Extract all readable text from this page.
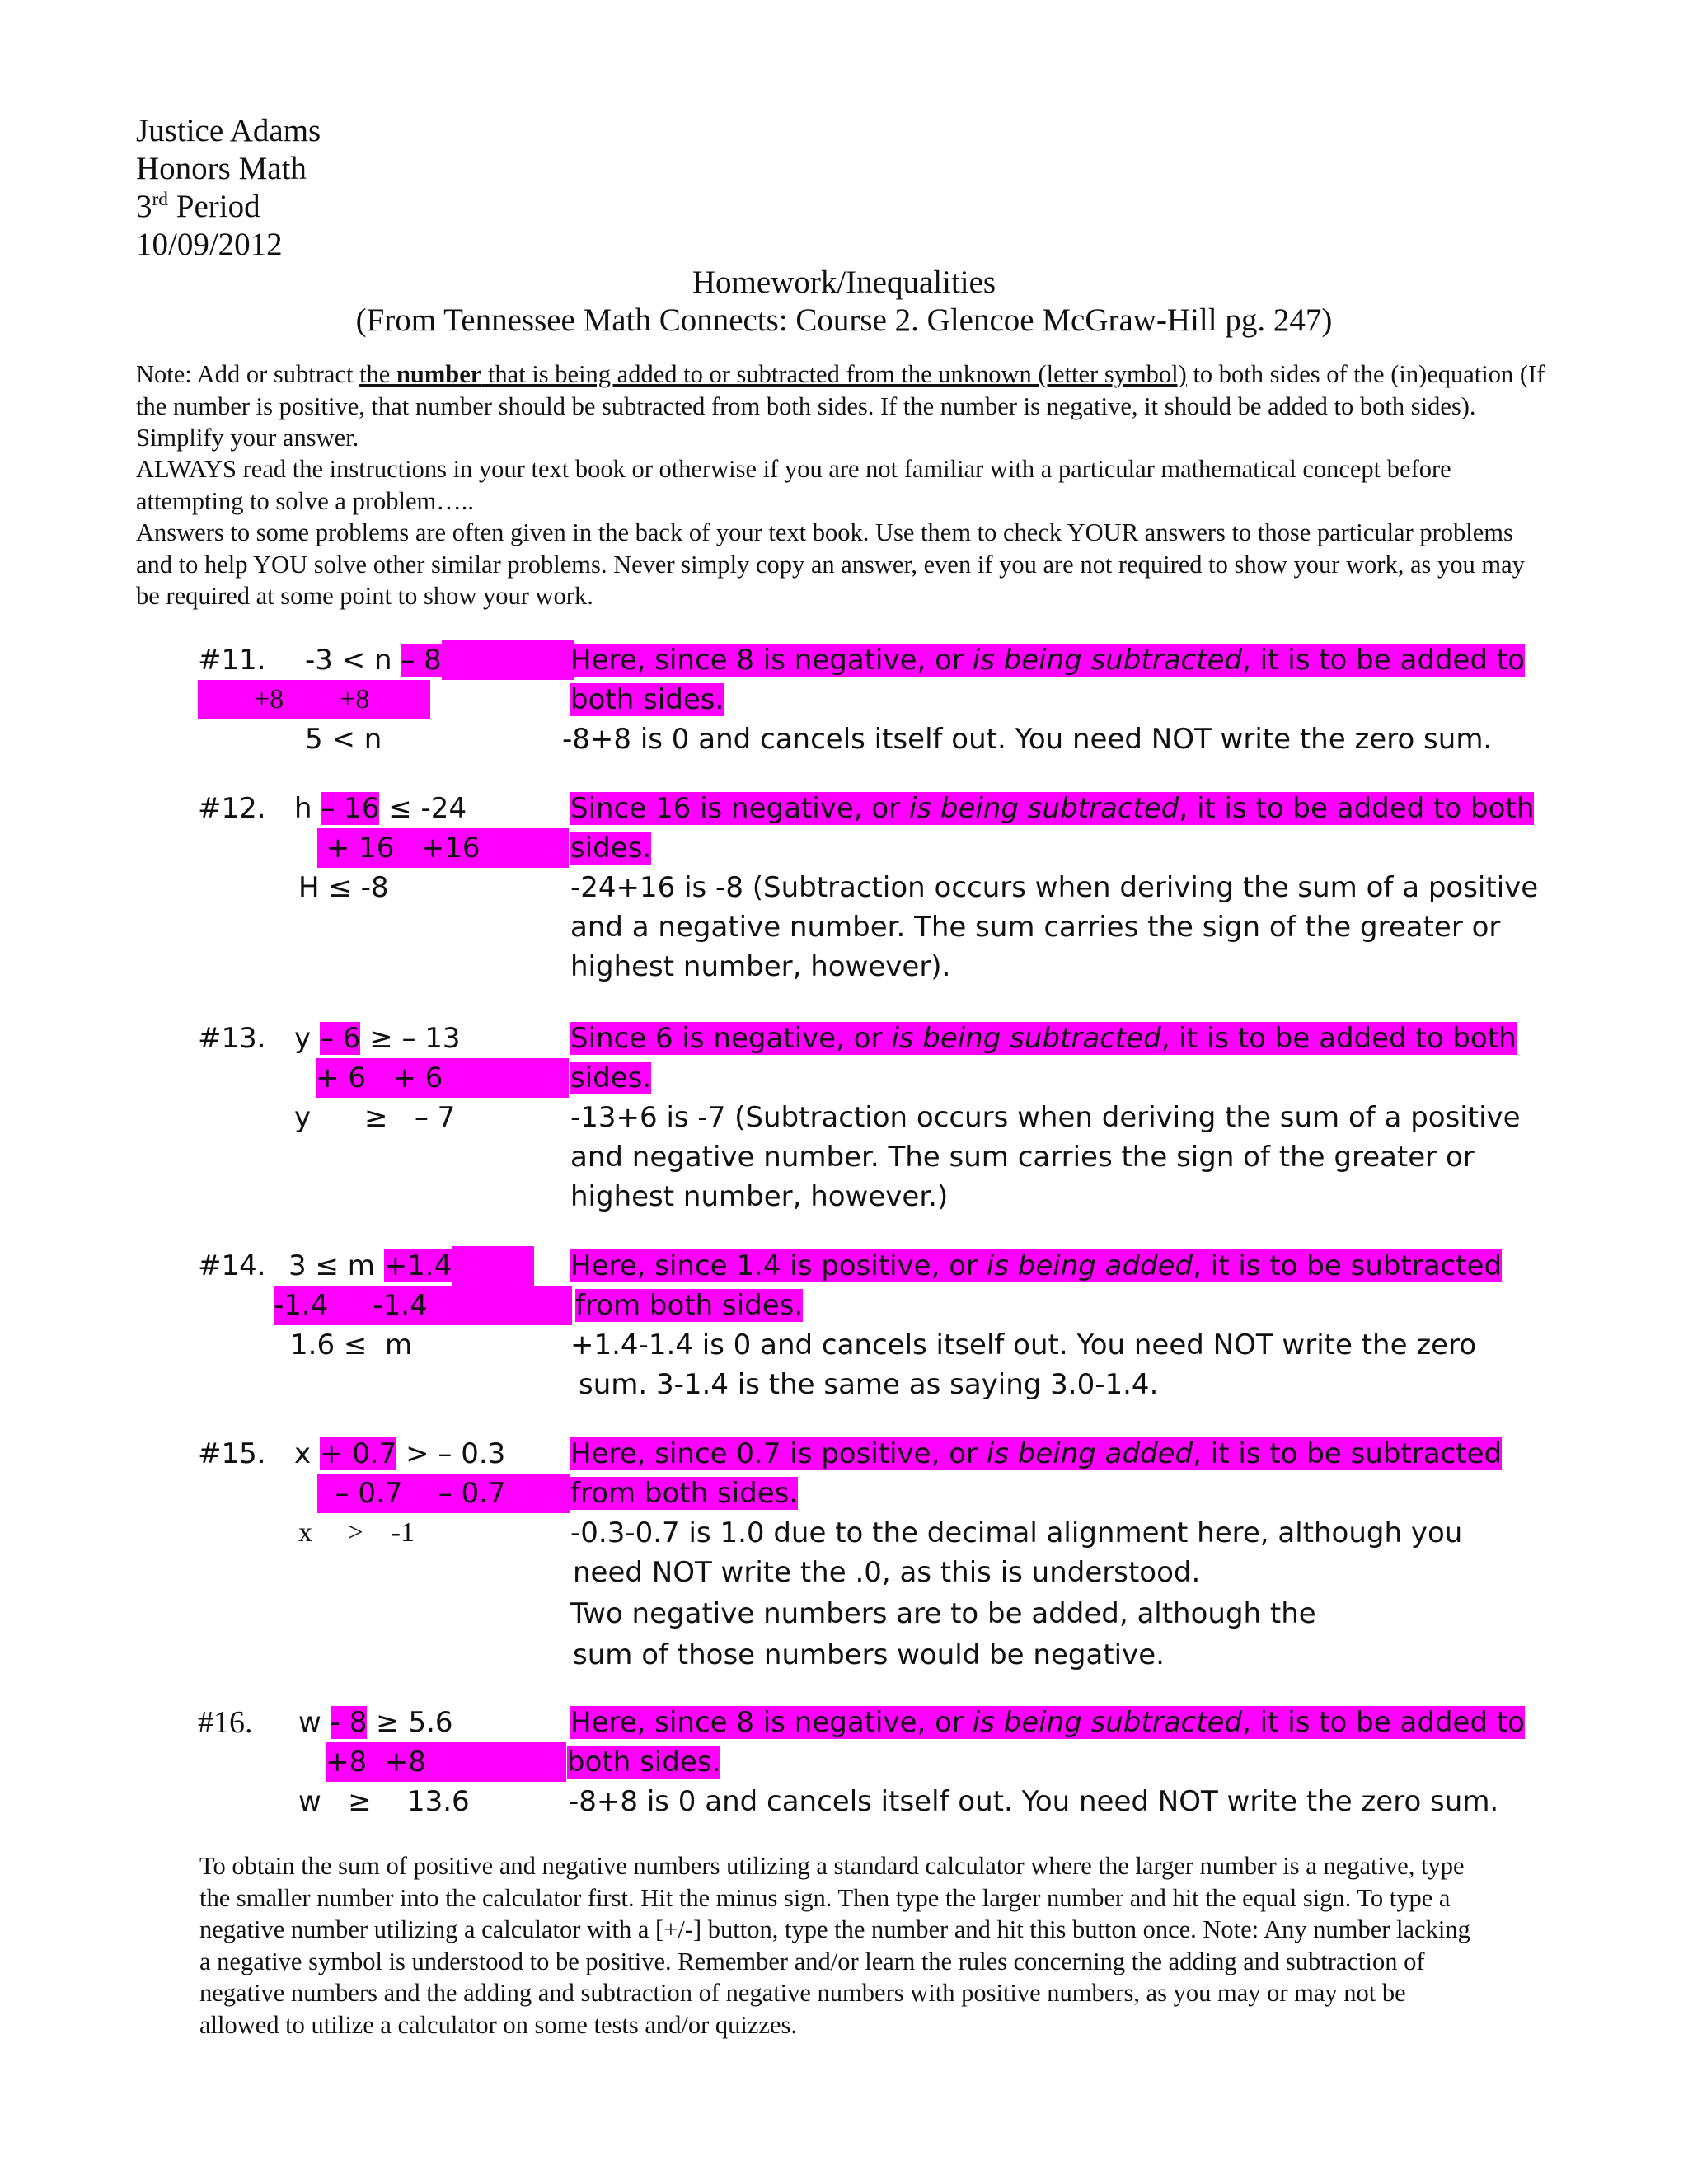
Justice Adams
Honors Math
3rd Period
10/09/2012
Homework/Inequalities
(From Tennessee Math Connects: Course 2. Glencoe McGraw-Hill pg. 247)
Note: Add or subtract the number that is being added to or subtracted from the unknown (letter symbol) to both sides of the (in)equation (If the number is positive, that number should be subtracted from both sides. If the number is negative, it should be added to both sides). Simplify your answer.
ALWAYS read the instructions in your text book or otherwise if you are not familiar with a particular mathematical concept before attempting to solve a problem…..
Answers to some problems are often given in the back of your text book. Use them to check YOUR answers to those particular problems and to help YOU solve other similar problems. Never simply copy an answer, even if you are not required to show your work, as you may be required at some point to show your work.
#11. -3 < n – 8
+8        +8
5 < n
Here, since 8 is negative, or is being subtracted, it is to be added to
both sides.
-8+8 is 0 and cancels itself out. You need NOT write the zero sum.
#12. h – 16 ≤ -24
+ 16   +16
H ≤ -8
Since 16 is negative, or is being subtracted, it is to be added to both
sides.
-24+16 is -8 (Subtraction occurs when deriving the sum of a positive
and a negative number. The sum carries the sign of the greater or
highest number, however).
#13. y – 6 ≥ – 13
+ 6   + 6
y      ≥   – 7
Since 6 is negative, or is being subtracted, it is to be added to both
sides.
-13+6 is -7 (Subtraction occurs when deriving the sum of a positive
and negative number. The sum carries the sign of the greater or
highest number, however.)
#14. 3 ≤ m +1.4
-1.4     -1.4
1.6 ≤  m
Here, since 1.4 is positive, or is being added, it is to be subtracted
from both sides.
+1.4-1.4 is 0 and cancels itself out. You need NOT write the zero
sum. 3-1.4 is the same as saying 3.0-1.4.
#15. x + 0.7 > – 0.3
– 0.7    – 0.7
x     >    -1
Here, since 0.7 is positive, or is being added, it is to be subtracted
from both sides.
-0.3-0.7 is 1.0 due to the decimal alignment here, although you
need NOT write the .0, as this is understood.
Two negative numbers are to be added, although the
sum of those numbers would be negative.
#16. w - 8 ≥ 5.6
+8  +8
w   ≥    13.6
Here, since 8 is negative, or is being subtracted, it is to be added to
both sides.
-8+8 is 0 and cancels itself out. You need NOT write the zero sum.
To obtain the sum of positive and negative numbers utilizing a standard calculator where the larger number is a negative, type the smaller number into the calculator first. Hit the minus sign. Then type the larger number and hit the equal sign. To type a negative number utilizing a calculator with a [+/-] button, type the number and hit this button once. Note: Any number lacking a negative symbol is understood to be positive. Remember and/or learn the rules concerning the adding and subtraction of negative numbers and the adding and subtraction of negative numbers with positive numbers, as you may or may not be allowed to utilize a calculator on some tests and/or quizzes.
